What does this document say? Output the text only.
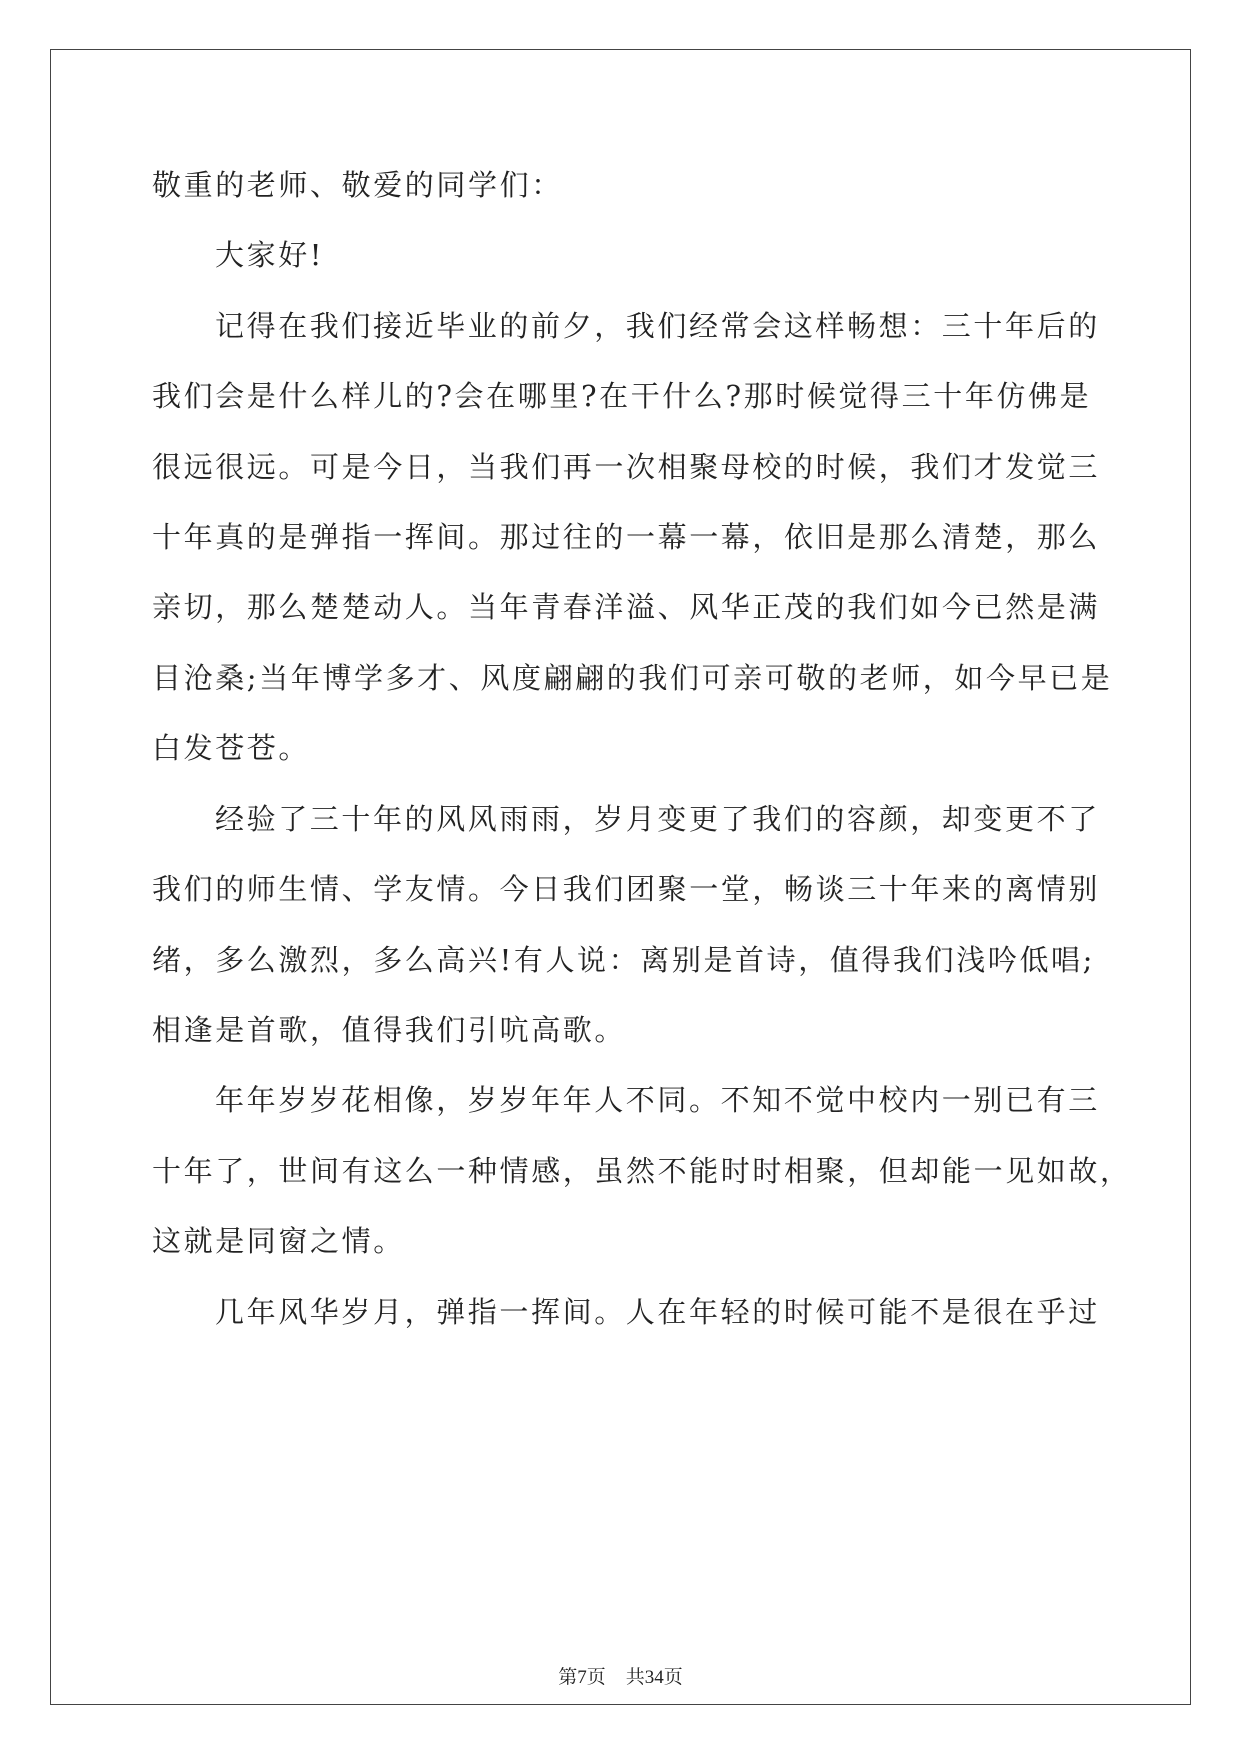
敬重的老师、敬爱的同学们：
大家好!
记得在我们接近毕业的前夕，我们经常会这样畅想：三十年后的
我们会是什么样儿的?会在哪里?在干什么?那时候觉得三十年仿佛是
很远很远。可是今日，当我们再一次相聚母校的时候，我们才发觉三
十年真的是弹指一挥间。那过往的一幕一幕，依旧是那么清楚，那么
亲切，那么楚楚动人。当年青春洋溢、风华正茂的我们如今已然是满
目沧桑;当年博学多才、风度翩翩的我们可亲可敬的老师，如今早已是
白发苍苍。
经验了三十年的风风雨雨，岁月变更了我们的容颜，却变更不了
我们的师生情、学友情。今日我们团聚一堂，畅谈三十年来的离情别
绪，多么激烈，多么高兴!有人说：离别是首诗，值得我们浅吟低唱;
相逢是首歌，值得我们引吭高歌。
年年岁岁花相像，岁岁年年人不同。不知不觉中校内一别已有三
十年了，世间有这么一种情感，虽然不能时时相聚，但却能一见如故，
这就是同窗之情。
几年风华岁月，弹指一挥间。人在年轻的时候可能不是很在乎过
第7页 共34页
